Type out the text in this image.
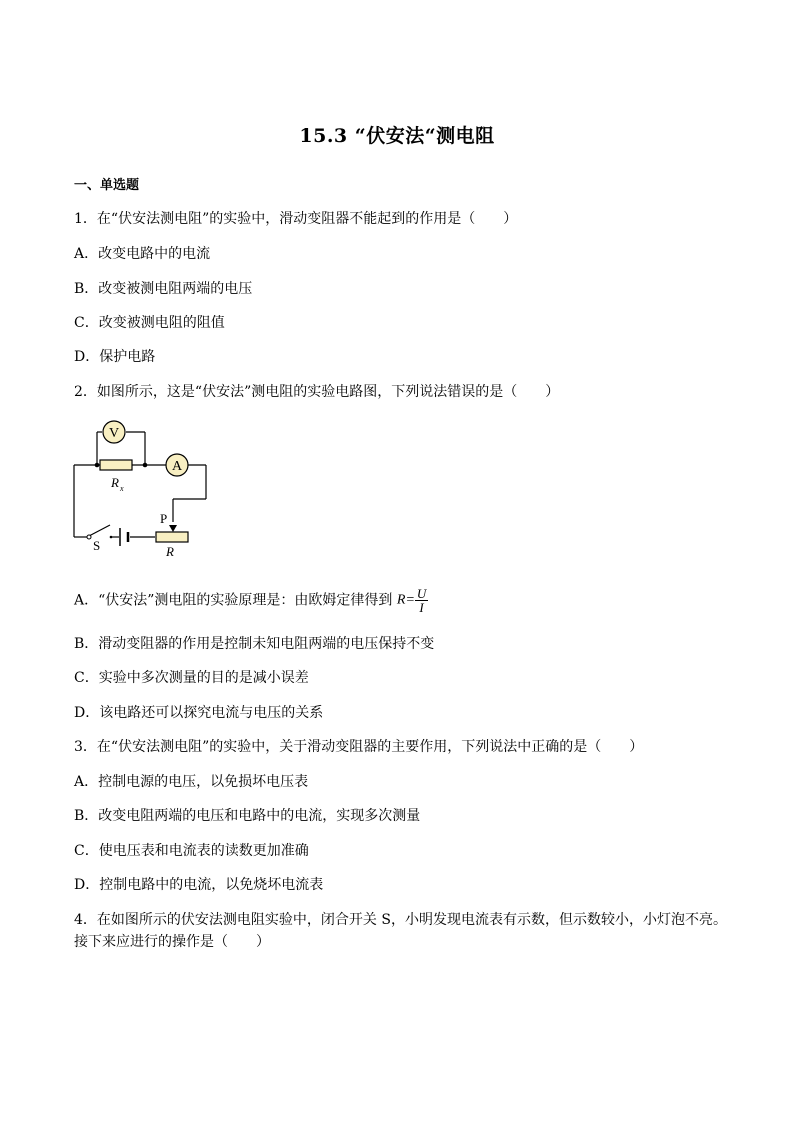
15.3 “伏安法“测电阻
一、单选题
1．在“伏安法测电阻”的实验中，滑动变阻器不能起到的作用是（　　）
A．改变电路中的电流
B．改变被测电阻两端的电压
C．改变被测电阻的阻值
D．保护电路
2．如图所示，这是“伏安法”测电阻的实验电路图，下列说法错误的是（　　）
V
A
R x
P
R
S
A．“伏安法”测电阻的实验原理是：由欧姆定律得到 $R= \frac{U}{I}$
B．滑动变阻器的作用是控制未知电阻两端的电压保持不变
C．实验中多次测量的目的是减小误差
D．该电路还可以探究电流与电压的关系
3．在“伏安法测电阻”的实验中，关于滑动变阻器的主要作用，下列说法中正确的是（　　）
A．控制电源的电压，以免损坏电压表
B．改变电阻两端的电压和电路中的电流，实现多次测量
C．使电压表和电流表的读数更加准确
D．控制电路中的电流，以免烧坏电流表
4．在如图所示的伏安法测电阻实验中，闭合开关 S，小明发现电流表有示数，但示数较小，小灯泡不亮。
接下来应进行的操作是（　　）
